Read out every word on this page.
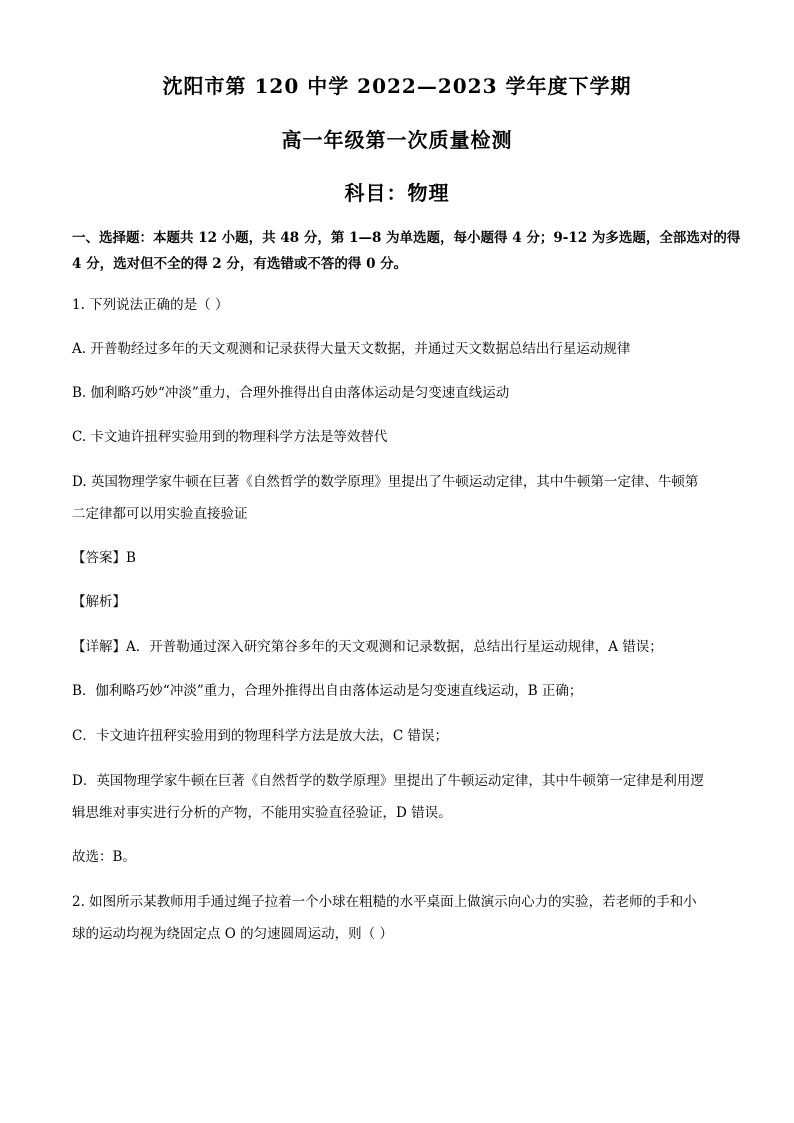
沈阳市第 120 中学 2022—2023 学年度下学期
高一年级第一次质量检测
科目：物理
一、选择题：本题共 12 小题，共 48 分，第 1—8 为单选题，每小题得 4 分；9-12 为多选题，全部选对的得
4 分，选对但不全的得 2 分，有选错或不答的得 0 分。
1. 下列说法正确的是（ ）
A. 开普勒经过多年的天文观测和记录获得大量天文数据，并通过天文数据总结出行星运动规律
B. 伽利略巧妙“冲淡”重力，合理外推得出自由落体运动是匀变速直线运动
C. 卡文迪许扭秤实验用到的物理科学方法是等效替代
D. 英国物理学家牛顿在巨著《自然哲学的数学原理》里提出了牛顿运动定律，其中牛顿第一定律、牛顿第
二定律都可以用实验直接验证
【答案】B
【解析】
【详解】A．开普勒通过深入研究第谷多年的天文观测和记录数据，总结出行星运动规律，A 错误；
B．伽利略巧妙“冲淡”重力，合理外推得出自由落体运动是匀变速直线运动，B 正确；
C．卡文迪许扭秤实验用到的物理科学方法是放大法，C 错误；
D．英国物理学家牛顿在巨著《自然哲学的数学原理》里提出了牛顿运动定律，其中牛顿第一定律是利用逻
辑思维对事实进行分析的产物，不能用实验直径验证，D 错误。
故选：B。
2. 如图所示某教师用手通过绳子拉着一个小球在粗糙的水平桌面上做演示向心力的实验，若老师的手和小
球的运动均视为绕固定点 O 的匀速圆周运动，则（ ）
